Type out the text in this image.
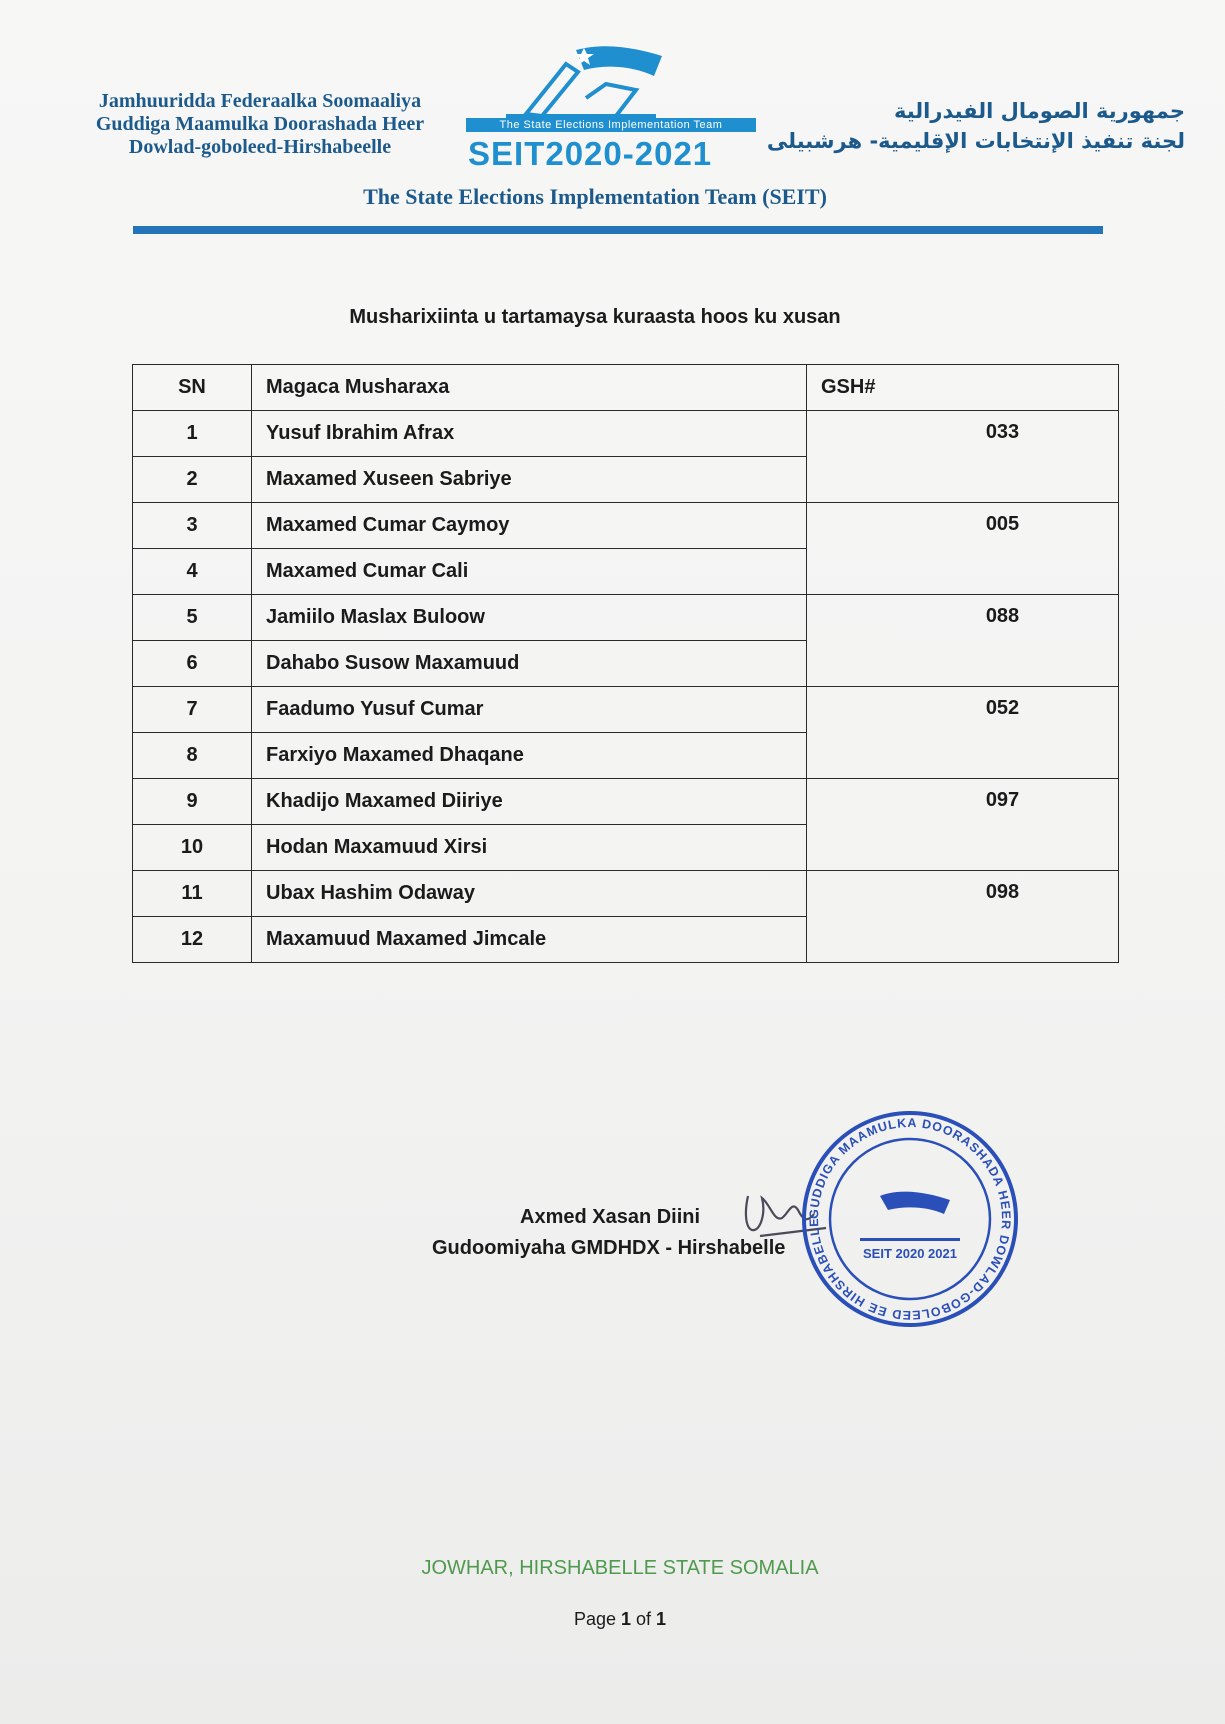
Jamhuuridda Federaalka Soomaaliya
Guddiga Maamulka Doorashada Heer
Dowlad-goboleed-Hirshabeelle
The State Elections Implementation Team
SEIT2020-2021
جمهورية الصومال الفيدرالية
لجنة تنفيذ الإنتخابات الإقليمية- هرشبيلى
The State Elections Implementation Team (SEIT)
Musharixiinta u tartamaysa kuraasta hoos ku xusan
SN	Magaca Musharaxa	GSH#
1	Yusuf Ibrahim Afrax	033
2	Maxamed Xuseen Sabriye	
3	Maxamed Cumar Caymoy	005
4	Maxamed Cumar Cali	
5	Jamiilo Maslax Buloow	088
6	Dahabo Susow Maxamuud	
7	Faadumo Yusuf Cumar	052
8	Farxiyo Maxamed Dhaqane	
9	Khadijo Maxamed Diiriye	097
10	Hodan Maxamuud Xirsi	
11	Ubax Hashim Odaway	098
12	Maxamuud Maxamed Jimcale	
Axmed Xasan Diini
Gudoomiyaha GMDHDX - Hirshabelle
GUDDIGA MAAMULKA DOORASHADA HEER DOWLAD-GOBOLEED EE HIRSHABELLE
SEIT 2020 2021
JOWHAR, HIRSHABELLE STATE SOMALIA
Page 1 of 1
